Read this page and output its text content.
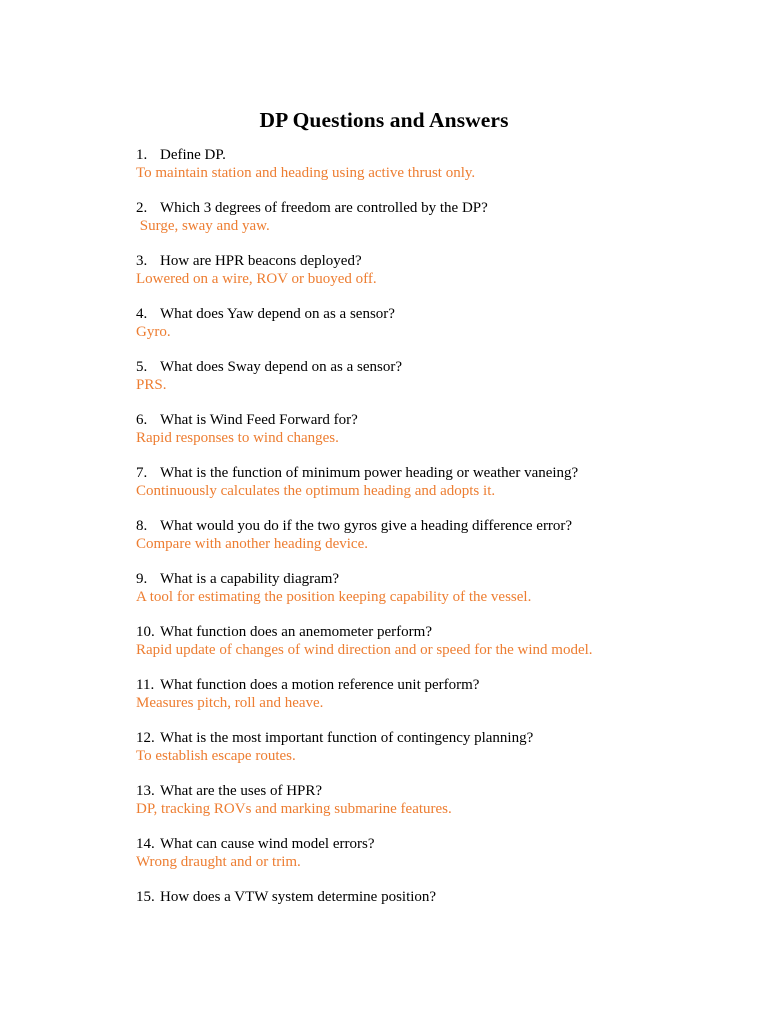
DP Questions and Answers

1. Define DP.

To maintain station and heading using active thrust only.

2. Which 3 degrees of freedom are controlled by the DP?

Surge, sway and yaw.

3. How are HPR beacons deployed?

Lowered on a wire, ROV or buoyed off.

4. What does Yaw depend on as a sensor?

Gyro.

5. What does Sway depend on as a sensor?

PRS.

6. What is Wind Feed Forward for?

Rapid responses to wind changes.

7. What is the function of minimum power heading or weather vaneing?

Continuously calculates the optimum heading and adopts it.

8. What would you do if the two gyros give a heading difference error?

Compare with another heading device.

9. What is a capability diagram?

A tool for estimating the position keeping capability of the vessel.

10. What function does an anemometer perform?

Rapid update of changes of wind direction and or speed for the wind model.

11. What function does a motion reference unit perform?

Measures pitch, roll and heave.

12. What is the most important function of contingency planning?

To establish escape routes.

13. What are the uses of HPR?

DP, tracking ROVs and marking submarine features.

14. What can cause wind model errors?

Wrong draught and or trim.

15. How does a VTW system determine position?
